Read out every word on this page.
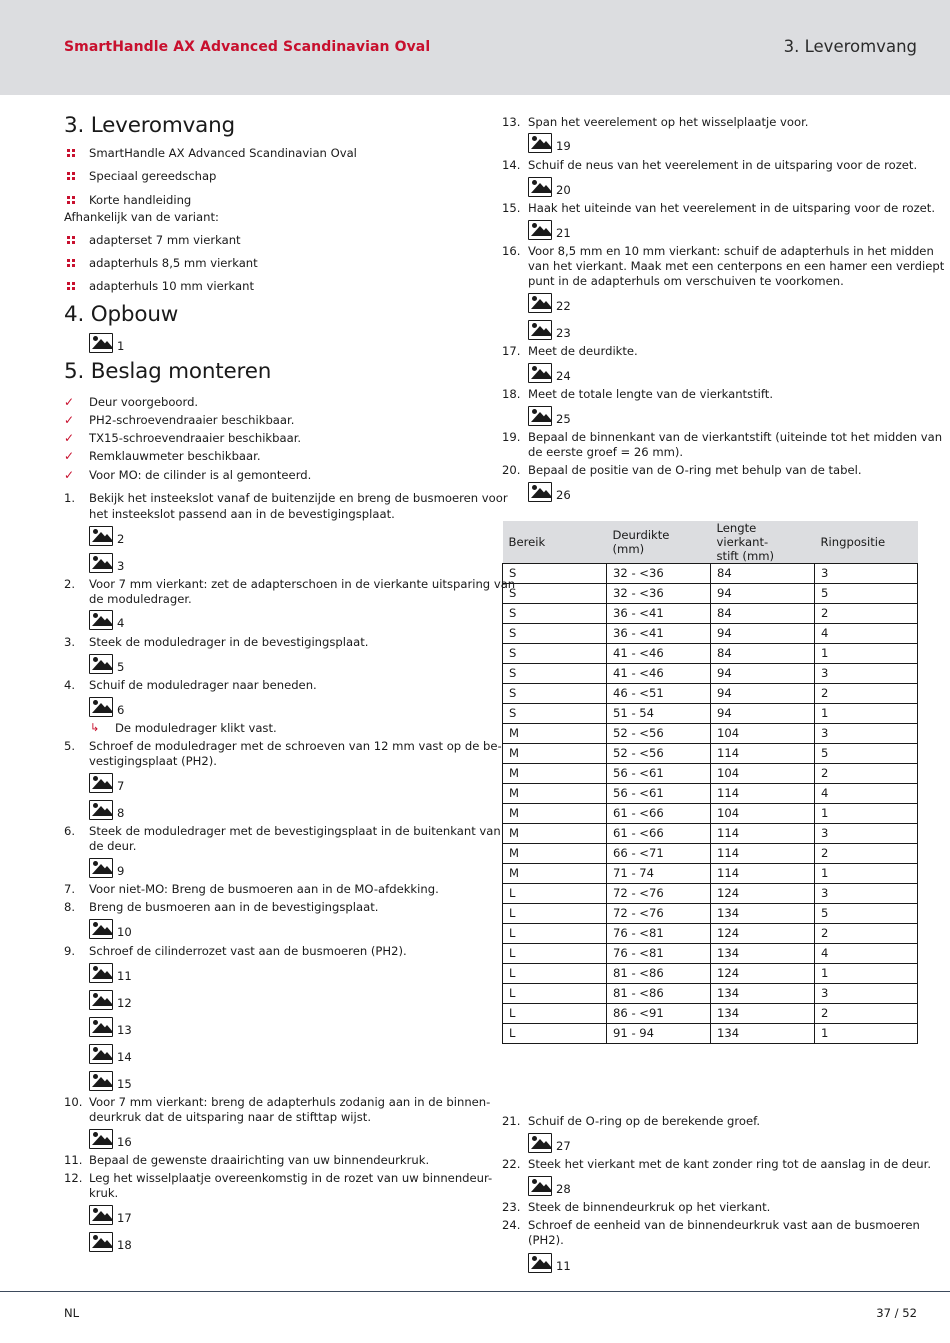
SmartHandle AX Advanced Scandinavian Oval	3. Leveromvang
3. Leveromvang
SmartHandle AX Advanced Scandinavian Oval
Speciaal gereedschap
Korte handleiding
Afhankelijk van de variant:
adapterset 7 mm vierkant
adapterhuls 8,5 mm vierkant
adapterhuls 10 mm vierkant
4. Opbouw
1
5. Beslag monteren
✓ Deur voorgeboord.
✓ PH2-schroevendraaier beschikbaar.
✓ TX15-schroevendraaier beschikbaar.
✓ Remklauwmeter beschikbaar.
✓ Voor MO: de cilinder is al gemonteerd.
1. Bekijk het insteekslot vanaf de buitenzijde en breng de busmoeren voor
het insteekslot passend aan in de bevestigingsplaat.
2
3
2. Voor 7 mm vierkant: zet de adapterschoen in de vierkante uitsparing van
de moduledrager.
4
3. Steek de moduledrager in de bevestigingsplaat.
5
4. Schuif de moduledrager naar beneden.
6
↳ De moduledrager klikt vast.
5. Schroef de moduledrager met de schroeven van 12 mm vast op de be-
vestigingsplaat (PH2).
7
8
6. Steek de moduledrager met de bevestigingsplaat in de buitenkant van
de deur.
9
7. Voor niet-MO: Breng de busmoeren aan in de MO-afdekking.
8. Breng de busmoeren aan in de bevestigingsplaat.
10
9. Schroef de cilinderrozet vast aan de busmoeren (PH2).
11
12
13
14
15
10. Voor 7 mm vierkant: breng de adapterhuls zodanig aan in de binnen-
deurkruk dat de uitsparing naar de stifttap wijst.
16
11. Bepaal de gewenste draairichting van uw binnendeurkruk.
12. Leg het wisselplaatje overeenkomstig in de rozet van uw binnendeur-
kruk.
17
18
13. Span het veerelement op het wisselplaatje voor.
19
14. Schuif de neus van het veerelement in de uitsparing voor de rozet.
20
15. Haak het uiteinde van het veerelement in de uitsparing voor de rozet.
21
16. Voor 8,5 mm en 10 mm vierkant: schuif de adapterhuls in het midden
van het vierkant. Maak met een centerpons en een hamer een verdiept
punt in de adapterhuls om verschuiven te voorkomen.
22
23
17. Meet de deurdikte.
24
18. Meet de totale lengte van de vierkantstift.
25
19. Bepaal de binnenkant van de vierkantstift (uiteinde tot het midden van
de eerste groef = 26 mm).
20. Bepaal de positie van de O-ring met behulp van de tabel.
26
Bereik	Deurdikte (mm)	Lengte vierkant-
stift (mm)	Ringpositie
S	32 - <36	84	3
S	32 - <36	94	5
S	36 - <41	84	2
S	36 - <41	94	4
S	41 - <46	84	1
S	41 - <46	94	3
S	46 - <51	94	2
S	51 - 54	94	1
M	52 - <56	104	3
M	52 - <56	114	5
M	56 - <61	104	2
M	56 - <61	114	4
M	61 - <66	104	1
M	61 - <66	114	3
M	66 - <71	114	2
M	71 - 74	114	1
L	72 - <76	124	3
L	72 - <76	134	5
L	76 - <81	124	2
L	76 - <81	134	4
L	81 - <86	124	1
L	81 - <86	134	3
L	86 - <91	134	2
L	91 - 94	134	1
21. Schuif de O-ring op de berekende groef.
27
22. Steek het vierkant met de kant zonder ring tot de aanslag in de deur.
28
23. Steek de binnendeurkruk op het vierkant.
24. Schroef de eenheid van de binnendeurkruk vast aan de busmoeren
(PH2).
11
NL	37 / 52
